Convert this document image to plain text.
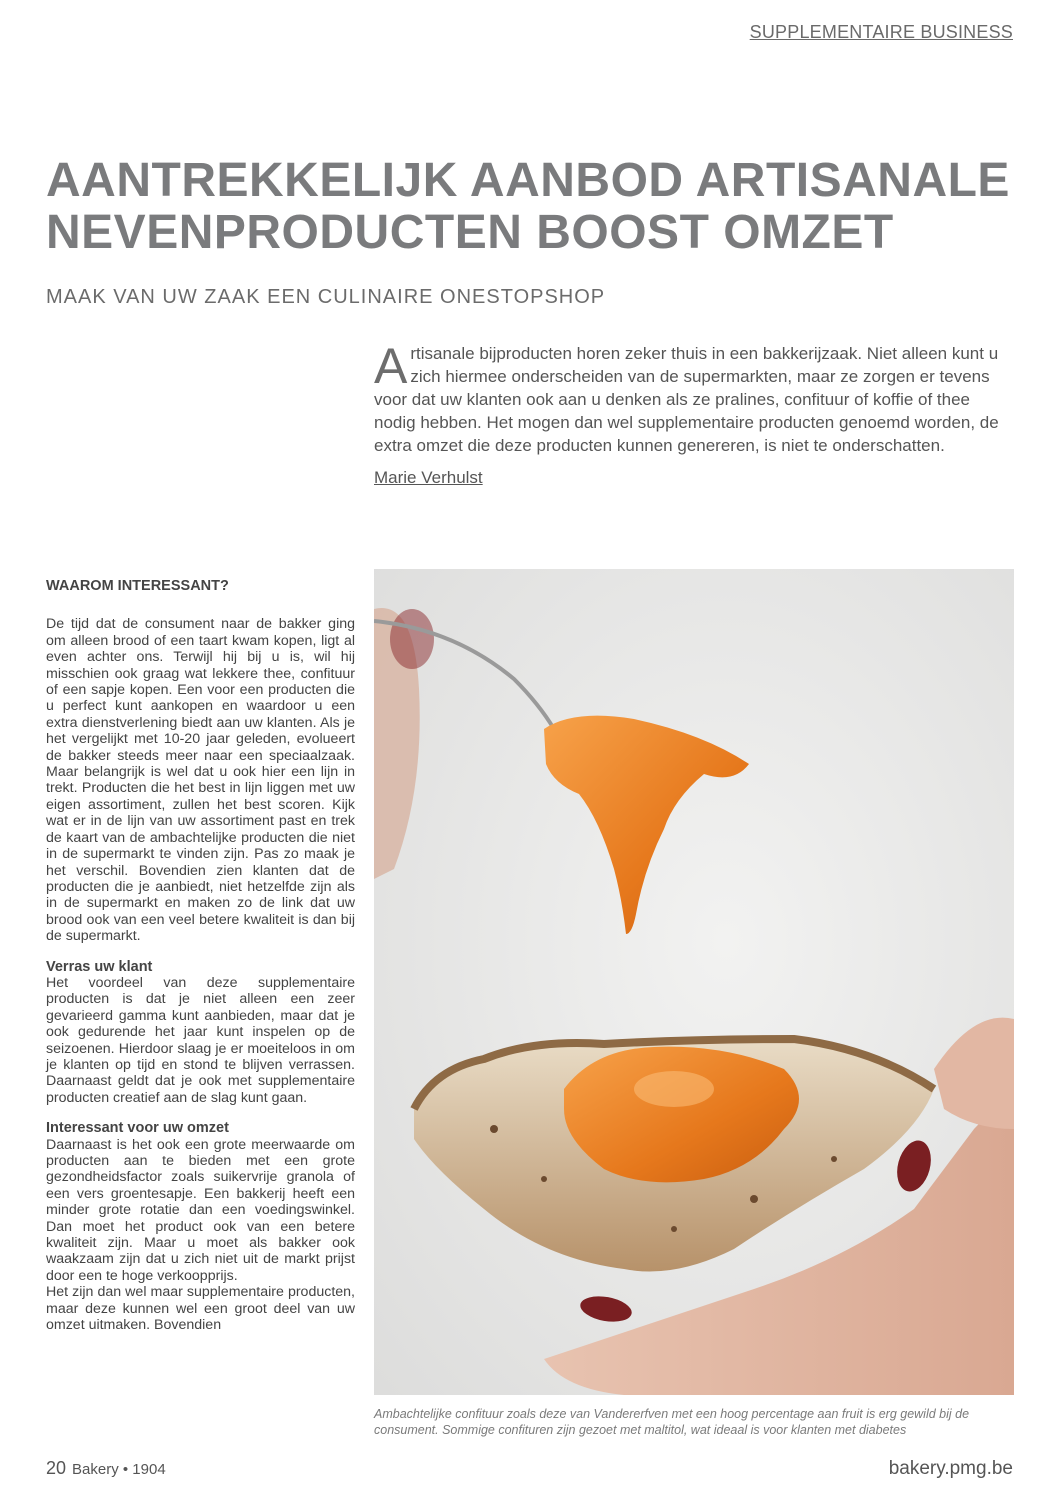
SUPPLEMENTAIRE BUSINESS
AANTREKKELIJK AANBOD ARTISANALE NEVENPRODUCTEN BOOST OMZET
MAAK VAN UW ZAAK EEN CULINAIRE ONESTOPSHOP
Artisanale bijproducten horen zeker thuis in een bakkerijzaak. Niet alleen kunt u zich hiermee onderscheiden van de supermarkten, maar ze zorgen er tevens voor dat uw klanten ook aan u denken als ze pralines, confituur of koffie of thee nodig hebben. Het mogen dan wel supplementaire producten genoemd worden, de extra omzet die deze producten kunnen genereren, is niet te onderschatten.
Marie Verhulst
WAAROM INTERESSANT?

De tijd dat de consument naar de bakker ging om alleen brood of een taart kwam kopen, ligt al even achter ons. Terwijl hij bij u is, wil hij misschien ook graag wat lekkere thee, confituur of een sapje kopen. Een voor een producten die u perfect kunt aankopen en waardoor u een extra dienstverlening biedt aan uw klanten. Als je het vergelijkt met 10-20 jaar geleden, evolueert de bakker steeds meer naar een speciaalzaak. Maar belangrijk is wel dat u ook hier een lijn in trekt. Producten die het best in lijn liggen met uw eigen assortiment, zullen het best scoren. Kijk wat er in de lijn van uw assortiment past en trek de kaart van de ambachtelijke producten die niet in de supermarkt te vinden zijn. Pas zo maak je het verschil. Bovendien zien klanten dat de producten die je aanbiedt, niet hetzelfde zijn als in de supermarkt en maken zo de link dat uw brood ook van een veel betere kwaliteit is dan bij de supermarkt.

Verras uw klant

Het voordeel van deze supplementaire producten is dat je niet alleen een zeer gevarieerd gamma kunt aanbieden, maar dat je ook gedurende het jaar kunt inspelen op de seizoenen. Hierdoor slaag je er moeiteloos in om je klanten op tijd en stond te blijven verrassen. Daarnaast geldt dat je ook met supplementaire producten creatief aan de slag kunt gaan.

Interessant voor uw omzet

Daarnaast is het ook een grote meerwaarde om producten aan te bieden met een grote gezondheidsfactor zoals suikervrije granola of een vers groentesapje. Een bakkerij heeft een minder grote rotatie dan een voedingswinkel. Dan moet het product ook van een betere kwaliteit zijn. Maar u moet als bakker ook waakzaam zijn dat u zich niet uit de markt prijst door een te hoge verkoopprijs.

Het zijn dan wel maar supplementaire producten, maar deze kunnen wel een groot deel van uw omzet uitmaken. Bovendien

Ambachtelijke confituur zoals deze van Vandererfven met een hoog percentage aan fruit is erg gewild bij de consument. Sommige confituren zijn gezoet met maltitol, wat ideaal is voor klanten met diabetes
20 Bakery • 1904	bakery.pmg.be
